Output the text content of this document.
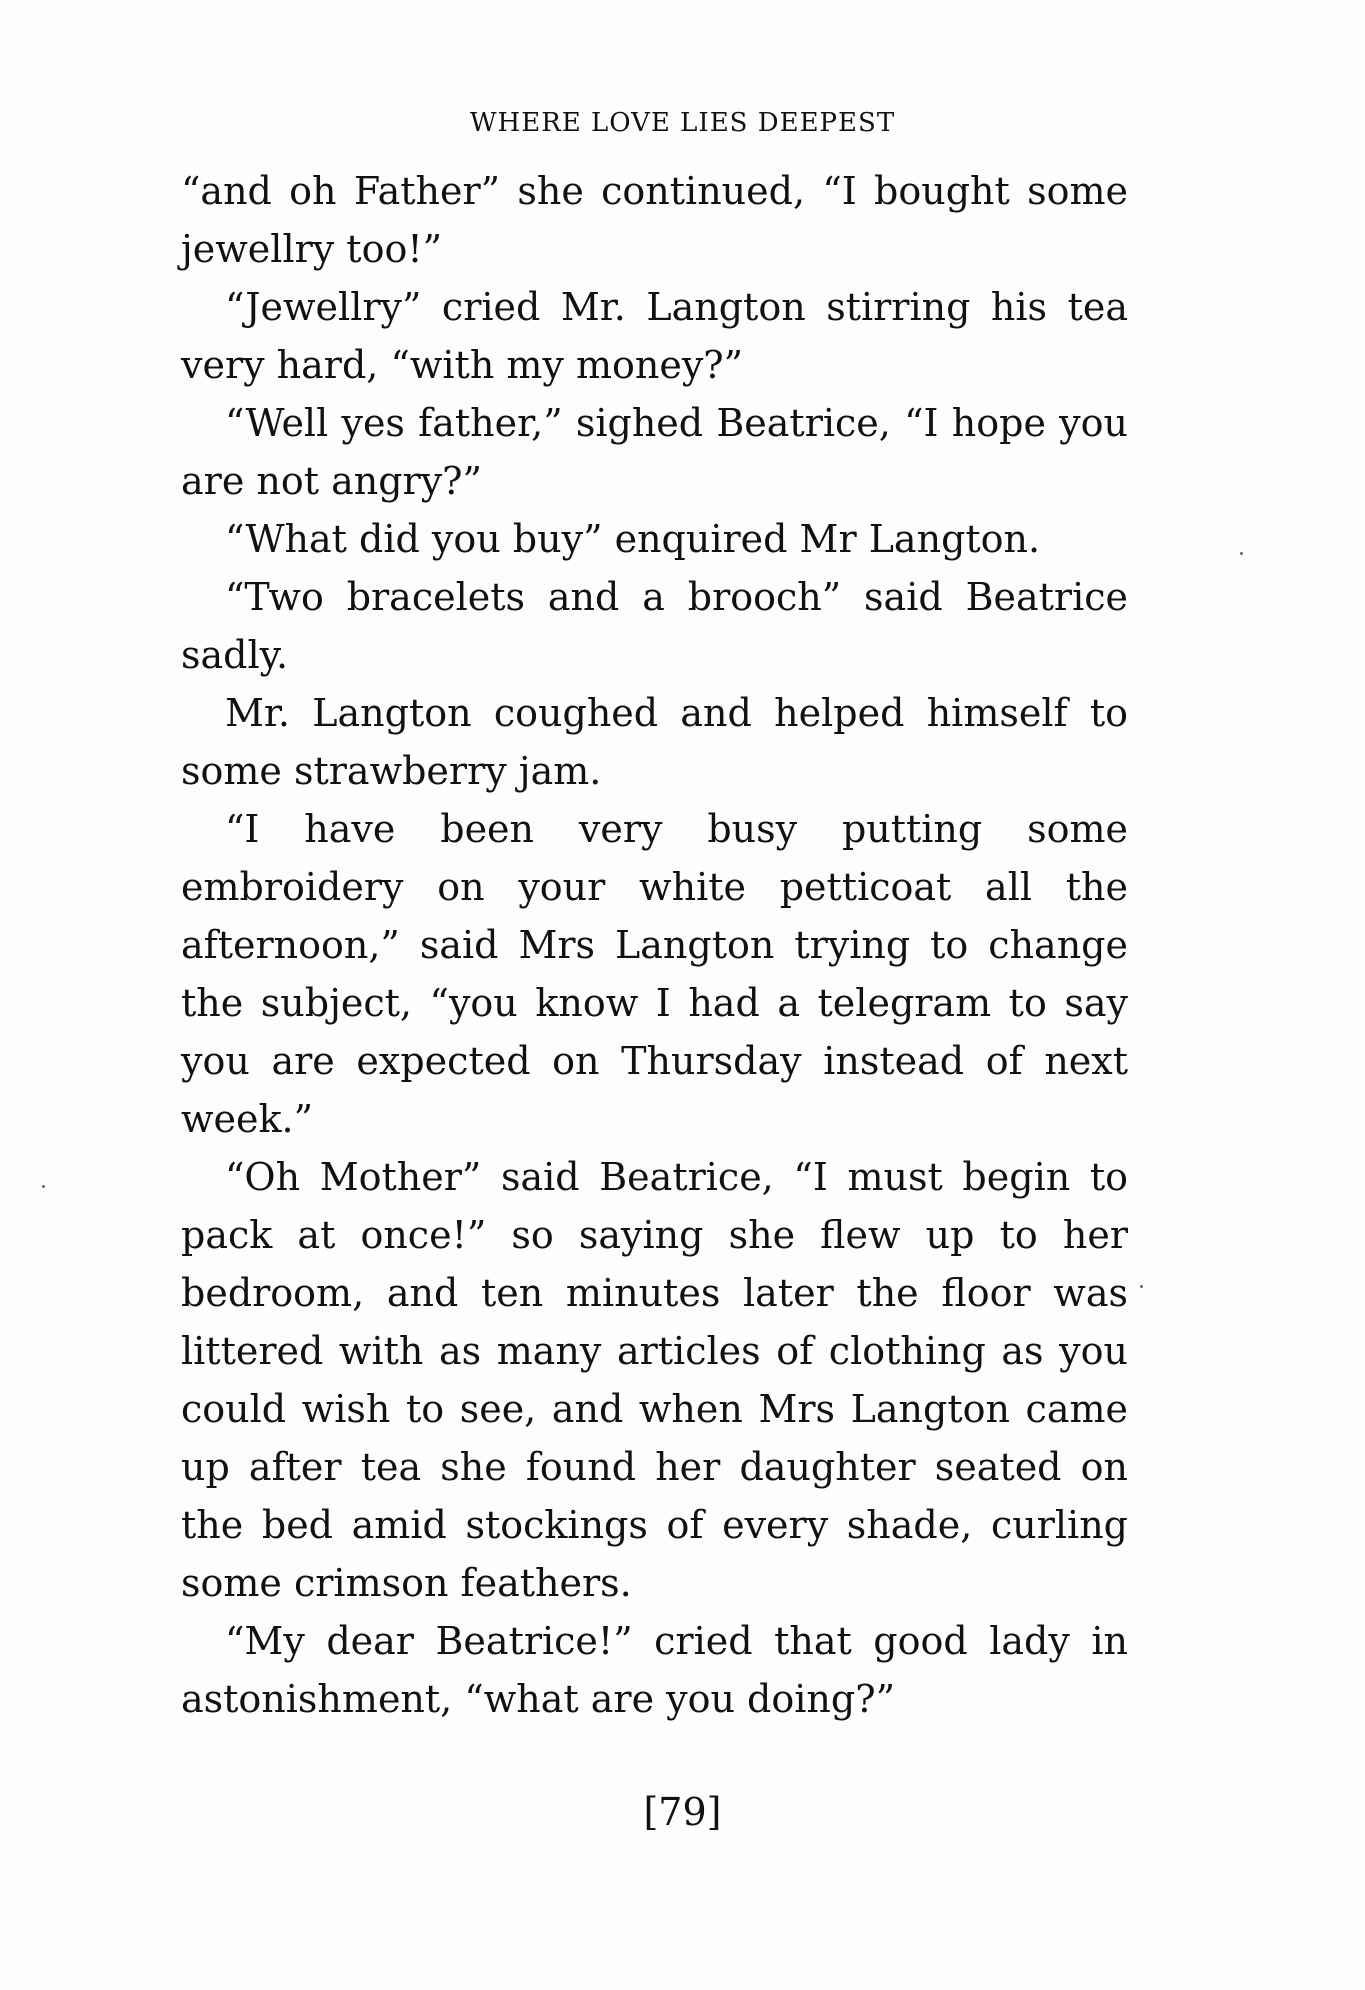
WHERE LOVE LIES DEEPEST

“and oh Father” she continued, “I bought some jewellry too!”

“Jewellry” cried Mr. Langton stirring his tea very hard, “with my money?”

“Well yes father,” sighed Beatrice, “I hope you are not angry?”

“What did you buy” enquired Mr Langton.

“Two bracelets and a brooch” said Beatrice sadly.

Mr. Langton coughed and helped himself to some strawberry jam.

“I have been very busy putting some embroidery on your white petticoat all the afternoon,” said Mrs Langton trying to change the subject, “you know I had a telegram to say you are expected on Thursday instead of next week.”

“Oh Mother” said Beatrice, “I must begin to pack at once!” so saying she flew up to her bedroom, and ten minutes later the floor was littered with as many articles of clothing as you could wish to see, and when Mrs Langton came up after tea she found her daughter seated on the bed amid stockings of every shade, curling some crimson feathers.

“My dear Beatrice!” cried that good lady in astonishment, “what are you doing?”

[79]
